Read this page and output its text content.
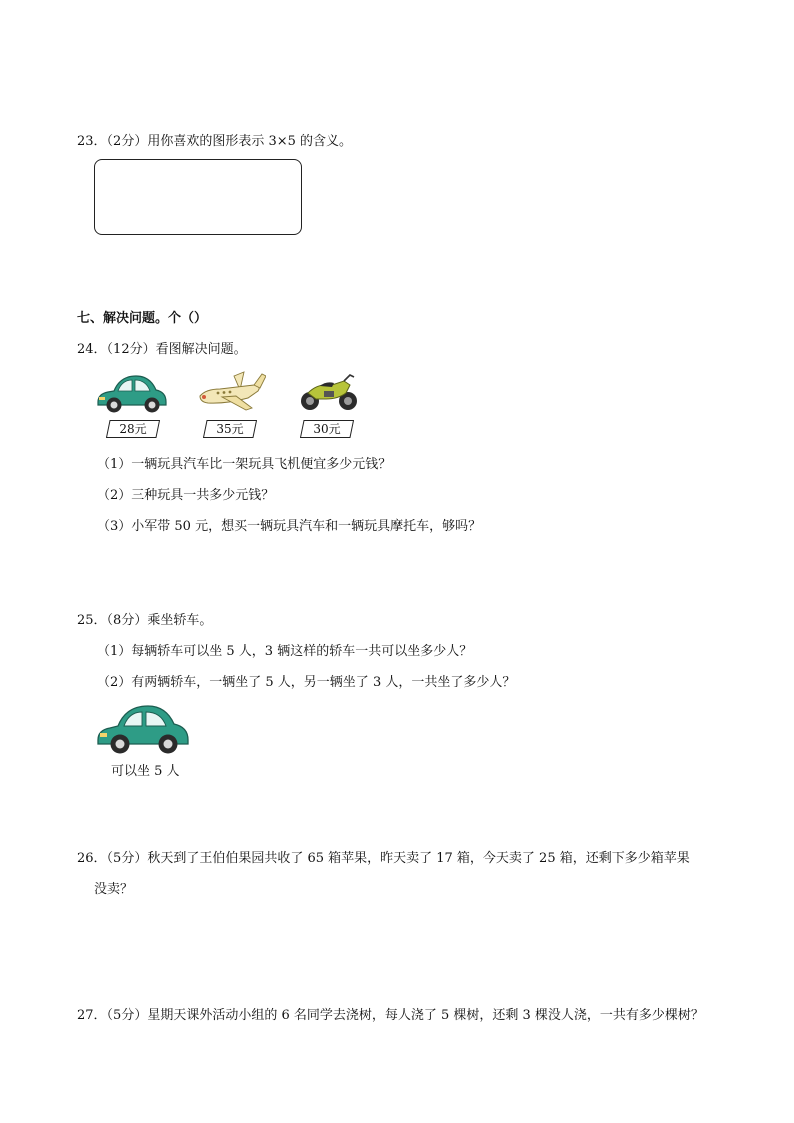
23．（2分）用你喜欢的图形表示 3×5 的含义。
七、解决问题。个（）
24．（12分）看图解决问题。
28元	35元	30元
（1）一辆玩具汽车比一架玩具飞机便宜多少元钱？
（2）三种玩具一共多少元钱？
（3）小军带 50 元，想买一辆玩具汽车和一辆玩具摩托车，够吗？
25．（8分）乘坐轿车。
（1）每辆轿车可以坐 5 人，3 辆这样的轿车一共可以坐多少人？
（2）有两辆轿车，一辆坐了 5 人，另一辆坐了 3 人，一共坐了多少人？
可以坐 5 人
26．（5分）秋天到了王伯伯果园共收了 65 箱苹果，昨天卖了 17 箱，今天卖了 25 箱，还剩下多少箱苹果
没卖？
27．（5分）星期天课外活动小组的 6 名同学去浇树，每人浇了 5 棵树，还剩 3 棵没人浇，一共有多少棵树？
